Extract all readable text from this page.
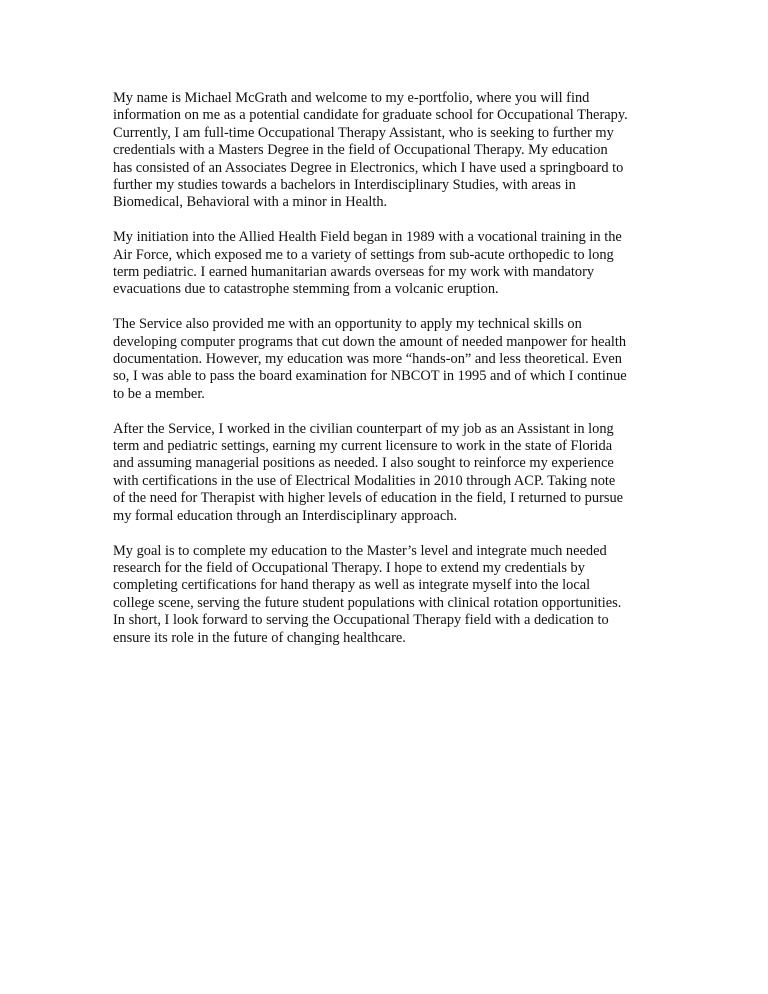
My name is Michael McGrath and welcome to my e-portfolio, where you will find
information on me as a potential candidate for graduate school for Occupational Therapy.
Currently, I am full-time Occupational Therapy Assistant, who is seeking to further my
credentials with a Masters Degree in the field of Occupational Therapy. My education
has consisted of an Associates Degree in Electronics, which I have used a springboard to
further my studies towards a bachelors in Interdisciplinary Studies, with areas in
Biomedical, Behavioral with a minor in Health.

My initiation into the Allied Health Field began in 1989 with a vocational training in the
Air Force, which exposed me to a variety of settings from sub-acute orthopedic to long
term pediatric. I earned humanitarian awards overseas for my work with mandatory
evacuations due to catastrophe stemming from a volcanic eruption.

The Service also provided me with an opportunity to apply my technical skills on
developing computer programs that cut down the amount of needed manpower for health
documentation. However, my education was more “hands-on” and less theoretical. Even
so, I was able to pass the board examination for NBCOT in 1995 and of which I continue
to be a member.

After the Service, I worked in the civilian counterpart of my job as an Assistant in long
term and pediatric settings, earning my current licensure to work in the state of Florida
and assuming managerial positions as needed. I also sought to reinforce my experience
with certifications in the use of Electrical Modalities in 2010 through ACP. Taking note
of the need for Therapist with higher levels of education in the field, I returned to pursue
my formal education through an Interdisciplinary approach.

My goal is to complete my education to the Master’s level and integrate much needed
research for the field of Occupational Therapy. I hope to extend my credentials by
completing certifications for hand therapy as well as integrate myself into the local
college scene, serving the future student populations with clinical rotation opportunities.
In short, I look forward to serving the Occupational Therapy field with a dedication to
ensure its role in the future of changing healthcare.
